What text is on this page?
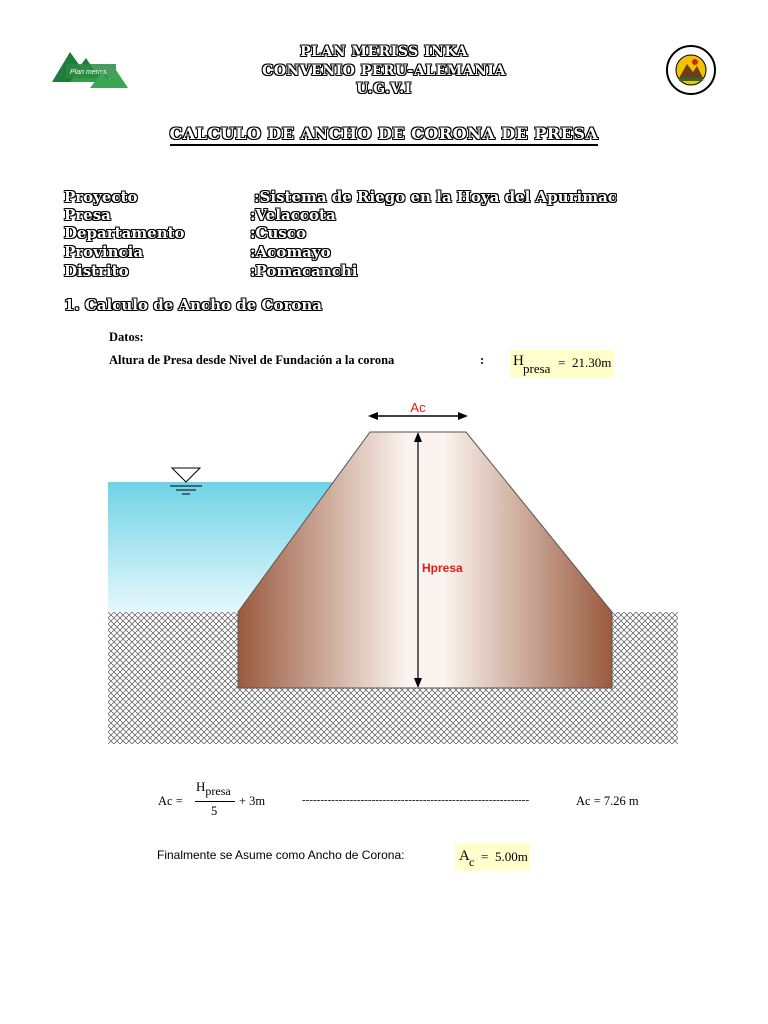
Plan meriss
PLAN MERISS INKA
CONVENIO PERU-ALEMANIA
U.G.V.I
CALCULO DE ANCHO DE CORONA DE PRESA
Proyecto	:Sistema de Riego en la Hoya del Apurimac
Presa	:Velaccota
Departamento	:Cusco
Provincia	:Acomayo
Distrito	:Pomacanchi
1. Calculo de Ancho de Corona
Datos:
Altura de Presa desde Nivel de Fundación a la corona	: H presa = 21.30m
Ac
Hpresa
Ac =
Hpresa
5
+ 3m	--------------------------------------------------------------	Ac = 7.26 m
Finalmente se Asume como Ancho de Corona:	A c = 5.00m
